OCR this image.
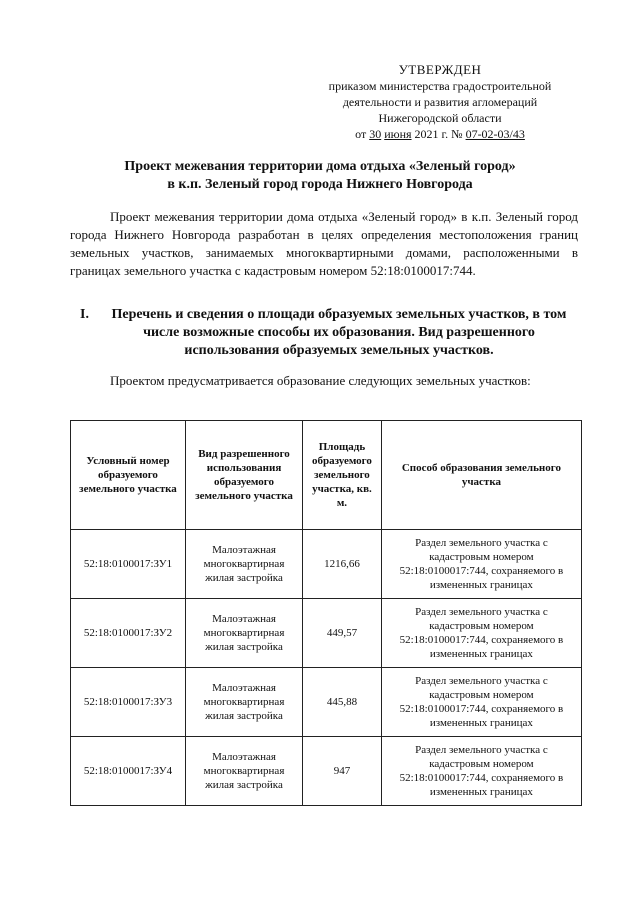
УТВЕРЖДЕН
приказом министерства градостроительной
деятельности и развития агломераций
Нижегородской области
от 30 июня 2021 г. № 07-02-03/43
Проект межевания территории дома отдыха «Зеленый город»
в к.п. Зеленый город города Нижнего Новгорода
Проект межевания территории дома отдыха «Зеленый город» в к.п. Зеленый город города Нижнего Новгорода разработан в целях определения местоположения границ земельных участков, занимаемых многоквартирными домами, расположенными в границах земельного участка с кадастровым номером 52:18:0100017:744.
I.	Перечень и сведения о площади образуемых земельных участков, в том
числе возможные способы их образования. Вид разрешенного
использования образуемых земельных участков.
Проектом предусматривается образование следующих земельных участков:
Условный номер образуемого земельного участка	Вид разрешенного использования образуемого земельного участка	Площадь образуемого земельного участка, кв. м.	Способ образования земельного участка
52:18:0100017:ЗУ1	Малоэтажная многоквартирная жилая застройка	1216,66	Раздел земельного участка с кадастровым номером 52:18:0100017:744, сохраняемого в измененных границах
52:18:0100017:ЗУ2	Малоэтажная многоквартирная жилая застройка	449,57	Раздел земельного участка с кадастровым номером 52:18:0100017:744, сохраняемого в измененных границах
52:18:0100017:ЗУ3	Малоэтажная многоквартирная жилая застройка	445,88	Раздел земельного участка с кадастровым номером 52:18:0100017:744, сохраняемого в измененных границах
52:18:0100017:ЗУ4	Малоэтажная многоквартирная жилая застройка	947	Раздел земельного участка с кадастровым номером 52:18:0100017:744, сохраняемого в измененных границах
